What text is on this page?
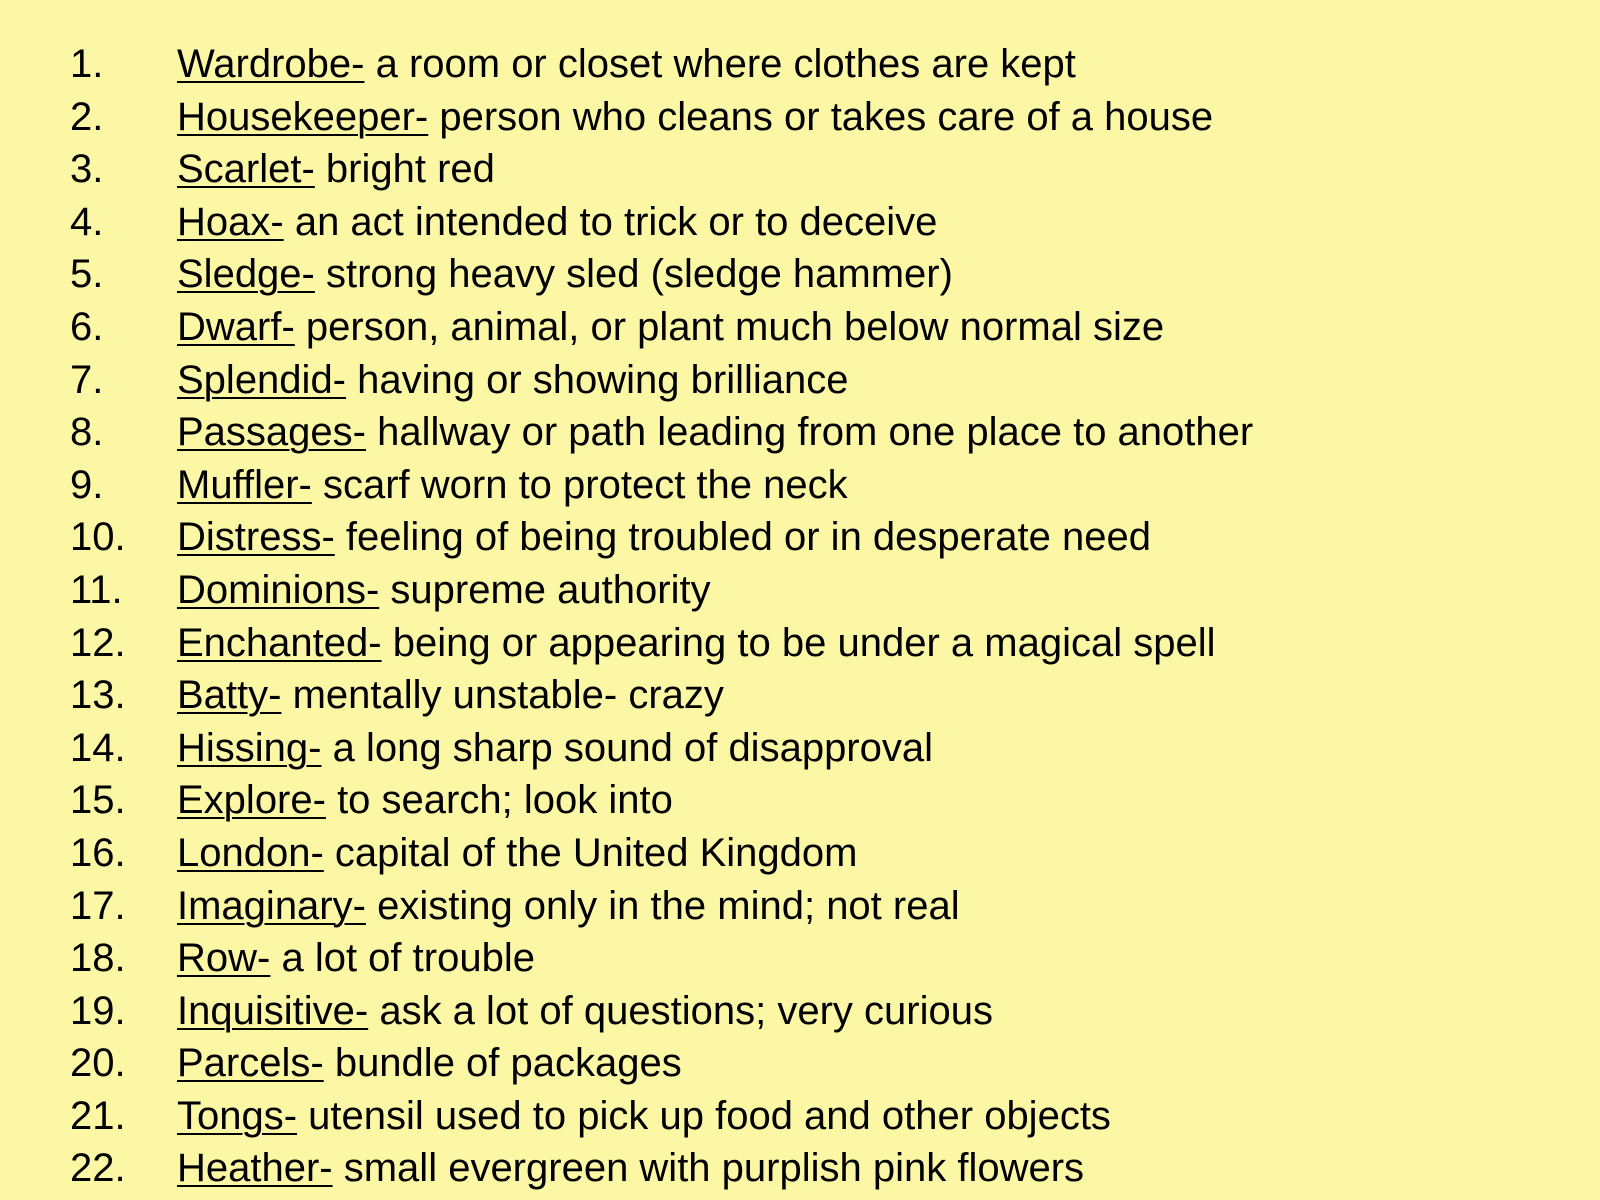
1. Wardrobe- a room or closet where clothes are kept
2. Housekeeper- person who cleans or takes care of a house
3. Scarlet- bright red
4. Hoax- an act intended to trick or to deceive
5. Sledge- strong heavy sled (sledge hammer)
6. Dwarf- person, animal, or plant much below normal size
7. Splendid- having or showing brilliance
8. Passages- hallway or path leading from one place to another
9. Muffler- scarf worn to protect the neck
10. Distress- feeling of being troubled or in desperate need
11. Dominions- supreme authority
12. Enchanted- being or appearing to be under a magical spell
13. Batty- mentally unstable- crazy
14. Hissing- a long sharp sound of disapproval
15. Explore- to search; look into
16. London- capital of the United Kingdom
17. Imaginary- existing only in the mind; not real
18. Row- a lot of trouble
19. Inquisitive- ask a lot of questions; very curious
20. Parcels- bundle of packages
21. Tongs- utensil used to pick up food and other objects
22. Heather- small evergreen with purplish pink flowers
